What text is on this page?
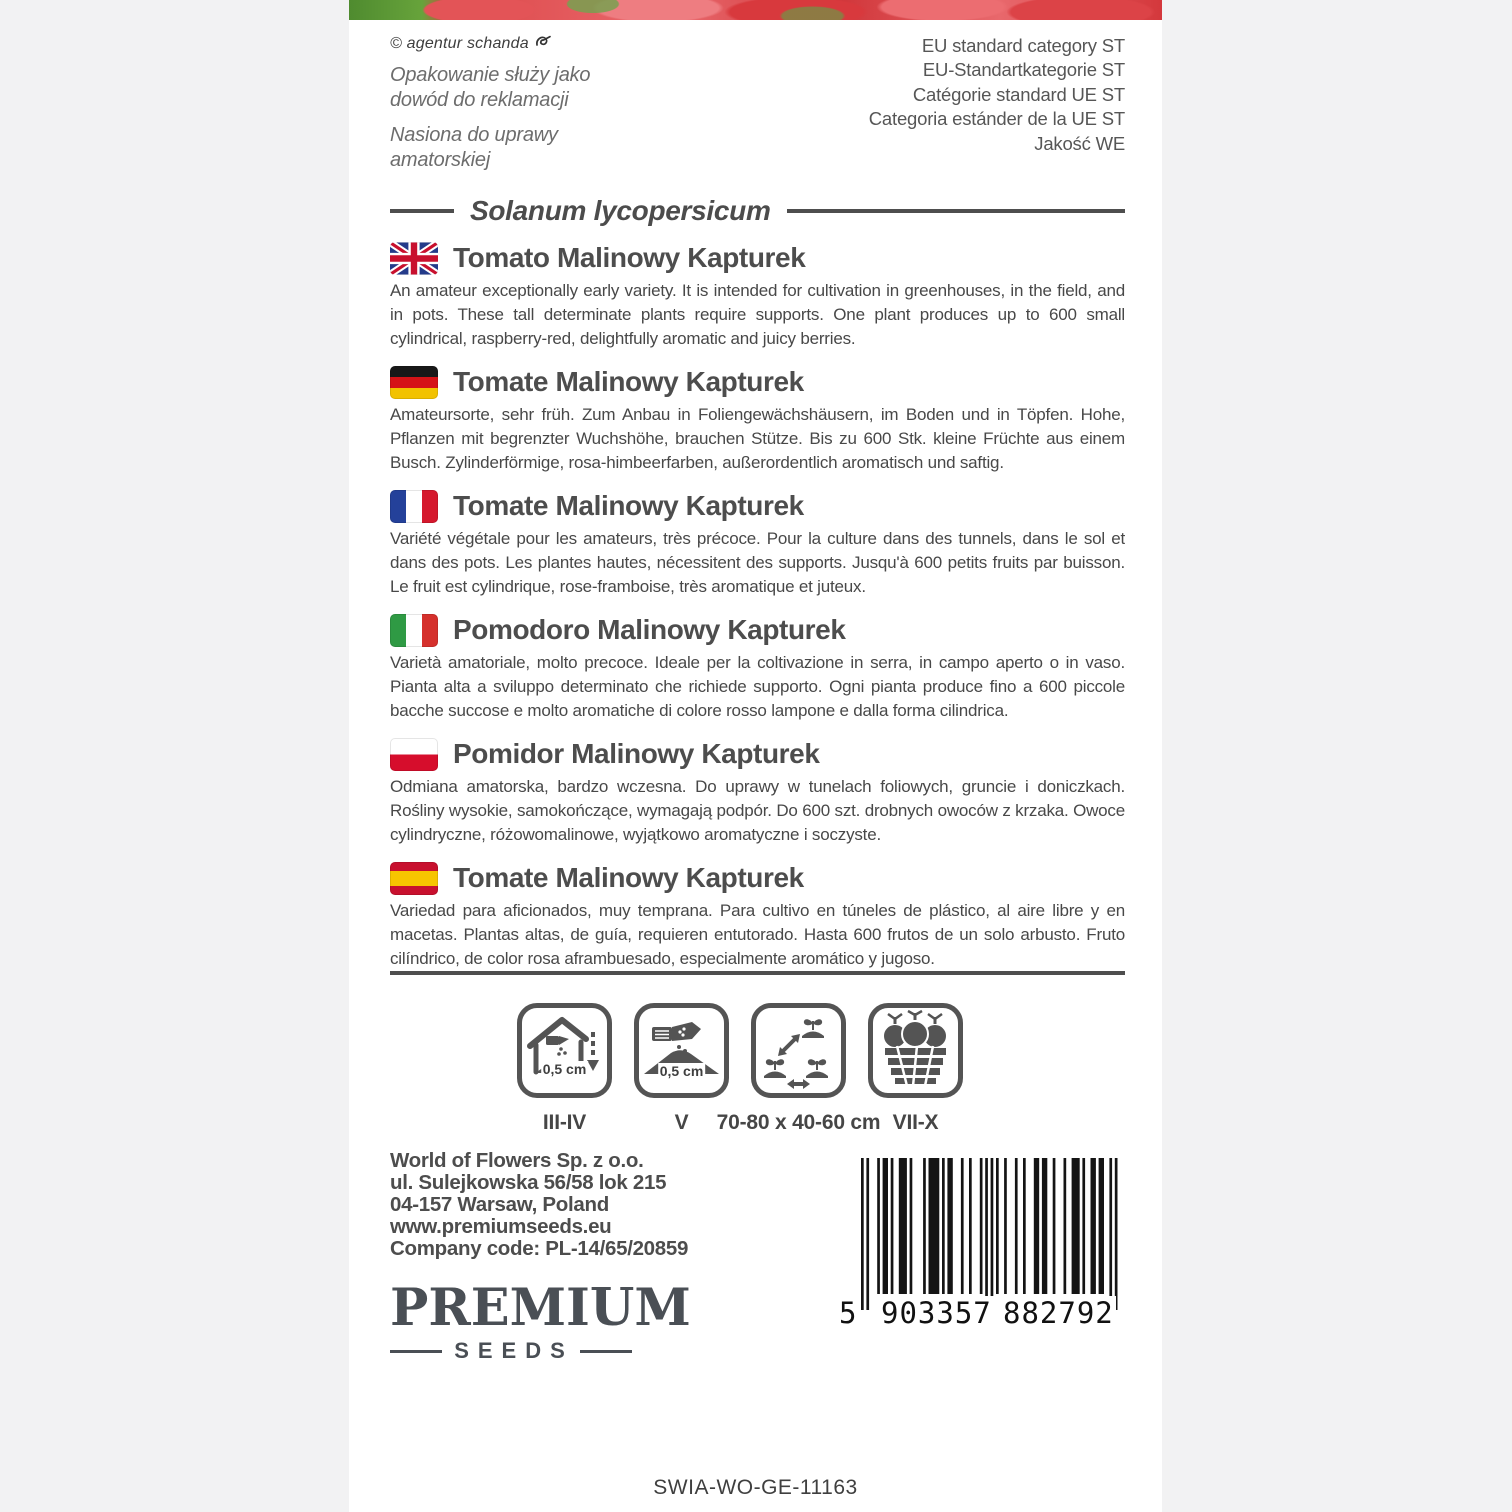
© agentur schanda
Opakowanie służy jako
dowód do reklamacji
Nasiona do uprawy
amatorskiej
EU standard category ST
EU-Standartkategorie ST
Catégorie standard UE ST
Categoria estánder de la UE ST
Jakość WE
Solanum lycopersicum
Tomato Malinowy Kapturek
An amateur exceptionally early variety. It is intended for cultivation in greenhouses, in the field, and in pots. These tall determinate plants require supports. One plant produces up to 600 small cylindrical, raspberry-red, delightfully aromatic and juicy berries.
Tomate Malinowy Kapturek
Amateursorte, sehr früh. Zum Anbau in Foliengewächshäusern, im Boden und in Töpfen. Hohe, Pflanzen mit begrenzter Wuchshöhe, brauchen Stütze. Bis zu 600 Stk. kleine Früchte aus einem Busch. Zylinderförmige, rosa-himbeerfarben, außerordentlich aromatisch und saftig.
Tomate Malinowy Kapturek
Variété végétale pour les amateurs, très précoce. Pour la culture dans des tunnels, dans le sol et dans des pots. Les plantes hautes, nécessitent des supports. Jusqu'à 600 petits fruits par buisson. Le fruit est cylindrique, rose-framboise, très aromatique et juteux.
Pomodoro Malinowy Kapturek
Varietà amatoriale, molto precoce. Ideale per la coltivazione in serra, in campo aperto o in vaso. Pianta alta a sviluppo determinato che richiede supporto. Ogni pianta produce fino a 600 piccole bacche succose e molto aromatiche di colore rosso lampone e dalla forma cilindrica.
Pomidor Malinowy Kapturek
Odmiana amatorska, bardzo wczesna. Do uprawy w tunelach foliowych, gruncie i doniczkach. Rośliny wysokie, samokończące, wymagają podpór. Do 600 szt. drobnych owoców z krzaka. Owoce cylindryczne, różowomalinowe, wyjątkowo aromatyczne i soczyste.
Tomate Malinowy Kapturek
Variedad para aficionados, muy temprana. Para cultivo en túneles de plástico, al aire libre y en macetas. Plantas altas, de guía, requieren entutorado. Hasta 600 frutos de un solo arbusto. Fruto cilíndrico, de color rosa aframbuesado, especialmente aromático y jugoso.
0,5 cm
III-IV
0,5 cm
V 70-80 x 40-60 cm VII-X
World of Flowers Sp. z o.o.
ul. Sulejkowska 56/58 lok 215
04-157 Warsaw, Poland
www.premiumseeds.eu
Company code: PL-14/65/20859
PREMIUM
SEEDS
5 903357 882792
SWIA-WO-GE-11163
